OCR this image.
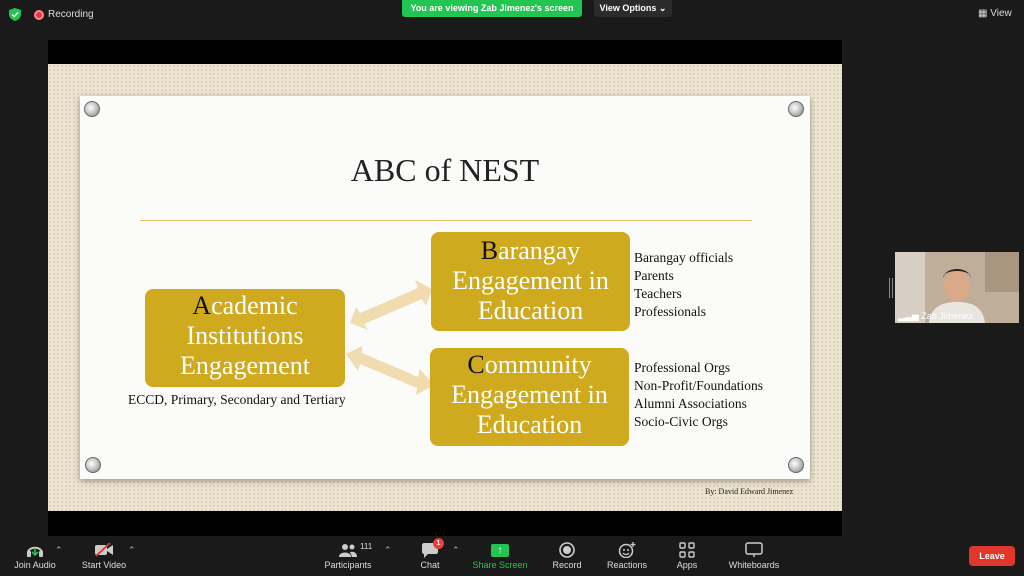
Recording
You are viewing Zab Jimenez's screen	View Options ⌄	▦ View
ABC of NEST
Academic Institutions Engagement
ECCD, Primary, Secondary and Tertiary
Barangay Engagement in Education
Barangay officials
Parents
Teachers
Professionals
Community Engagement in Education
Professional Orgs
Non-Profit/Foundations
Alumni Associations
Socio-Civic Orgs
By: David Edward Jimenez
▂▃▅ Zab Jimenez
Join Audio
⌃
Start Video
⌃
Participants
111 ⌃
Chat
1
⌃	↑
Share Screen	Record	Reactions	Apps	Whiteboards
Leave
